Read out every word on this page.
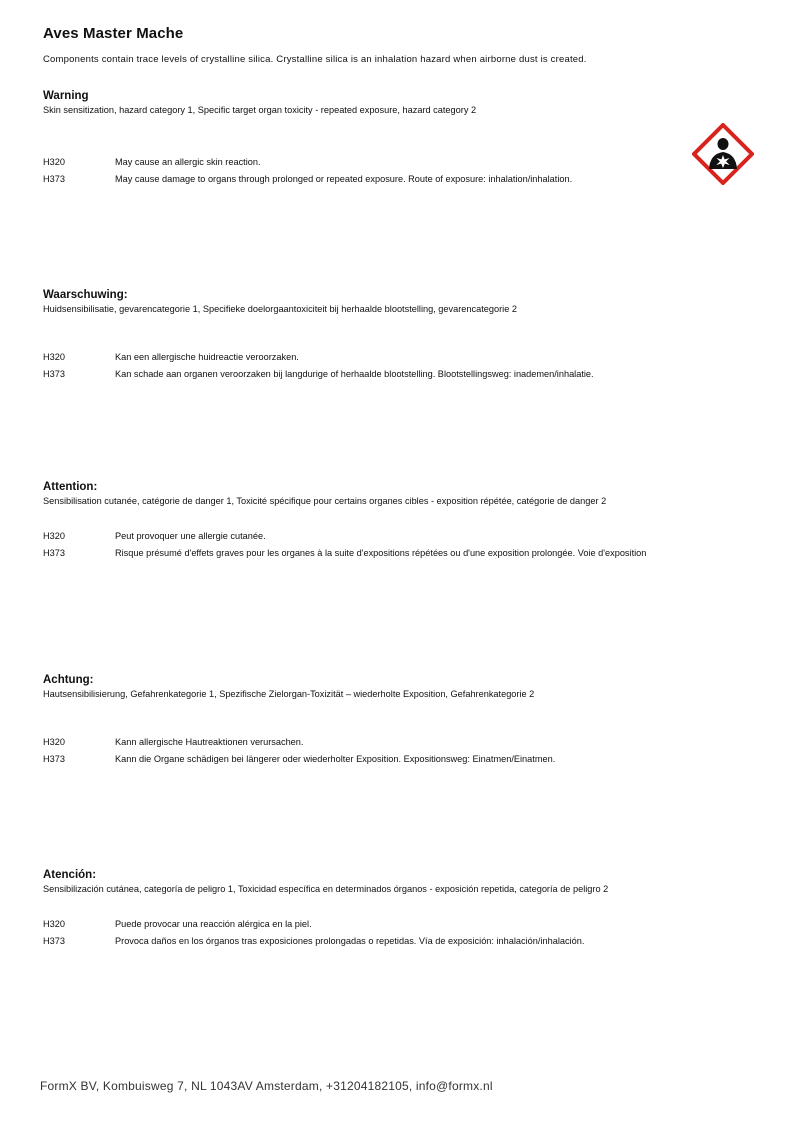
Aves Master Mache
Components contain trace levels of crystalline silica. Crystalline silica is an inhalation hazard when airborne dust is created.
Warning
Skin sensitization, hazard category 1, Specific target organ toxicity - repeated exposure, hazard category 2
H320	May cause an allergic skin reaction.
H373	May cause damage to organs through prolonged or repeated exposure. Route of exposure: inhalation/inhalation.
Waarschuwing:
Huidsensibilisatie, gevarencategorie 1, Specifieke doelorgaantoxiciteit bij herhaalde blootstelling, gevarencategorie 2
H320	Kan een allergische huidreactie veroorzaken.
H373	Kan schade aan organen veroorzaken bij langdurige of herhaalde blootstelling. Blootstellingsweg: inademen/inhalatie.
Attention:
Sensibilisation cutanée, catégorie de danger 1, Toxicité spécifique pour certains organes cibles - exposition répétée, catégorie de danger 2
H320	Peut provoquer une allergie cutanée.
H373	Risque présumé d'effets graves pour les organes à la suite d'expositions répétées ou d'une exposition prolongée. Voie d'exposition
Achtung:
Hautsensibilisierung, Gefahrenkategorie 1, Spezifische Zielorgan-Toxizität – wiederholte Exposition, Gefahrenkategorie 2
H320	Kann allergische Hautreaktionen verursachen.
H373	Kann die Organe schädigen bei längerer oder wiederholter Exposition. Expositionsweg: Einatmen/Einatmen.
Atención:
Sensibilización cutánea, categoría de peligro 1, Toxicidad específica en determinados órganos - exposición repetida, categoría de peligro 2
H320	Puede provocar una reacción alérgica en la piel.
H373	Provoca daños en los órganos tras exposiciones prolongadas o repetidas. Vía de exposición: inhalación/inhalación.
FormX BV, Kombuisweg 7, NL 1043AV Amsterdam, +31204182105, info@formx.nl
